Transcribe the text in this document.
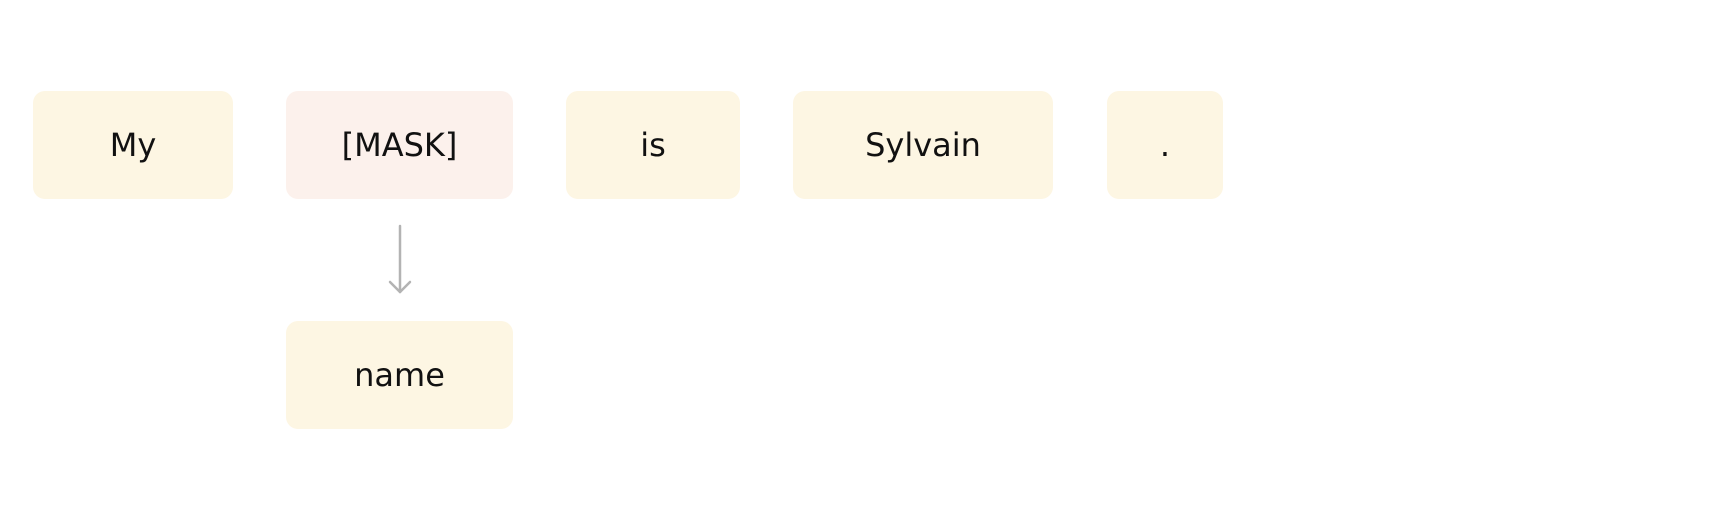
My	[MASK]	is	Sylvain	.
name
